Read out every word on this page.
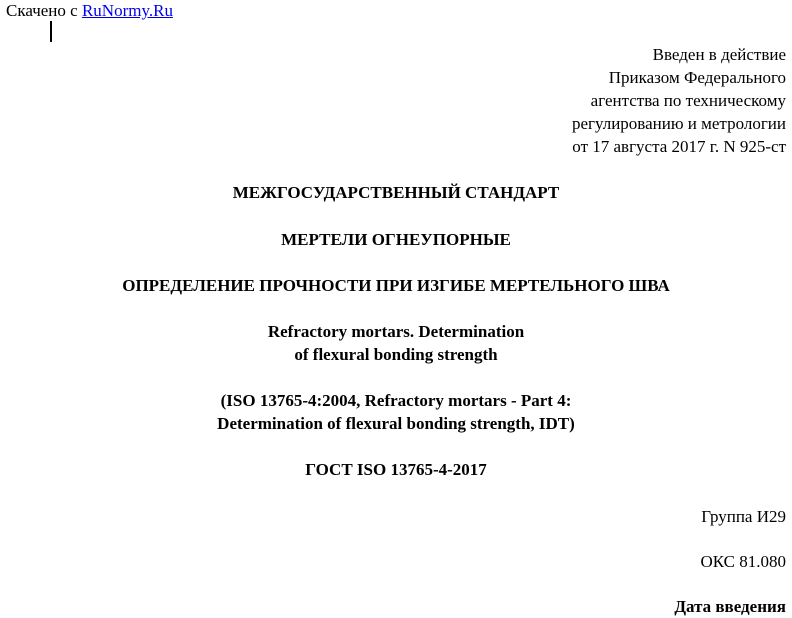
Скачено с RuNormy.Ru
Введен в действие
Приказом Федерального
агентства по техническому
регулированию и метрологии
от 17 августа 2017 г. N 925-ст
МЕЖГОСУДАРСТВЕННЫЙ СТАНДАРТ
МЕРТЕЛИ ОГНЕУПОРНЫЕ
ОПРЕДЕЛЕНИЕ ПРОЧНОСТИ ПРИ ИЗГИБЕ МЕРТЕЛЬНОГО ШВА
Refractory mortars. Determination
of flexural bonding strength
(ISO 13765-4:2004, Refractory mortars - Part 4:
Determination of flexural bonding strength, IDT)
ГОСТ ISO 13765-4-2017
Группа И29
ОКС 81.080
Дата введения
